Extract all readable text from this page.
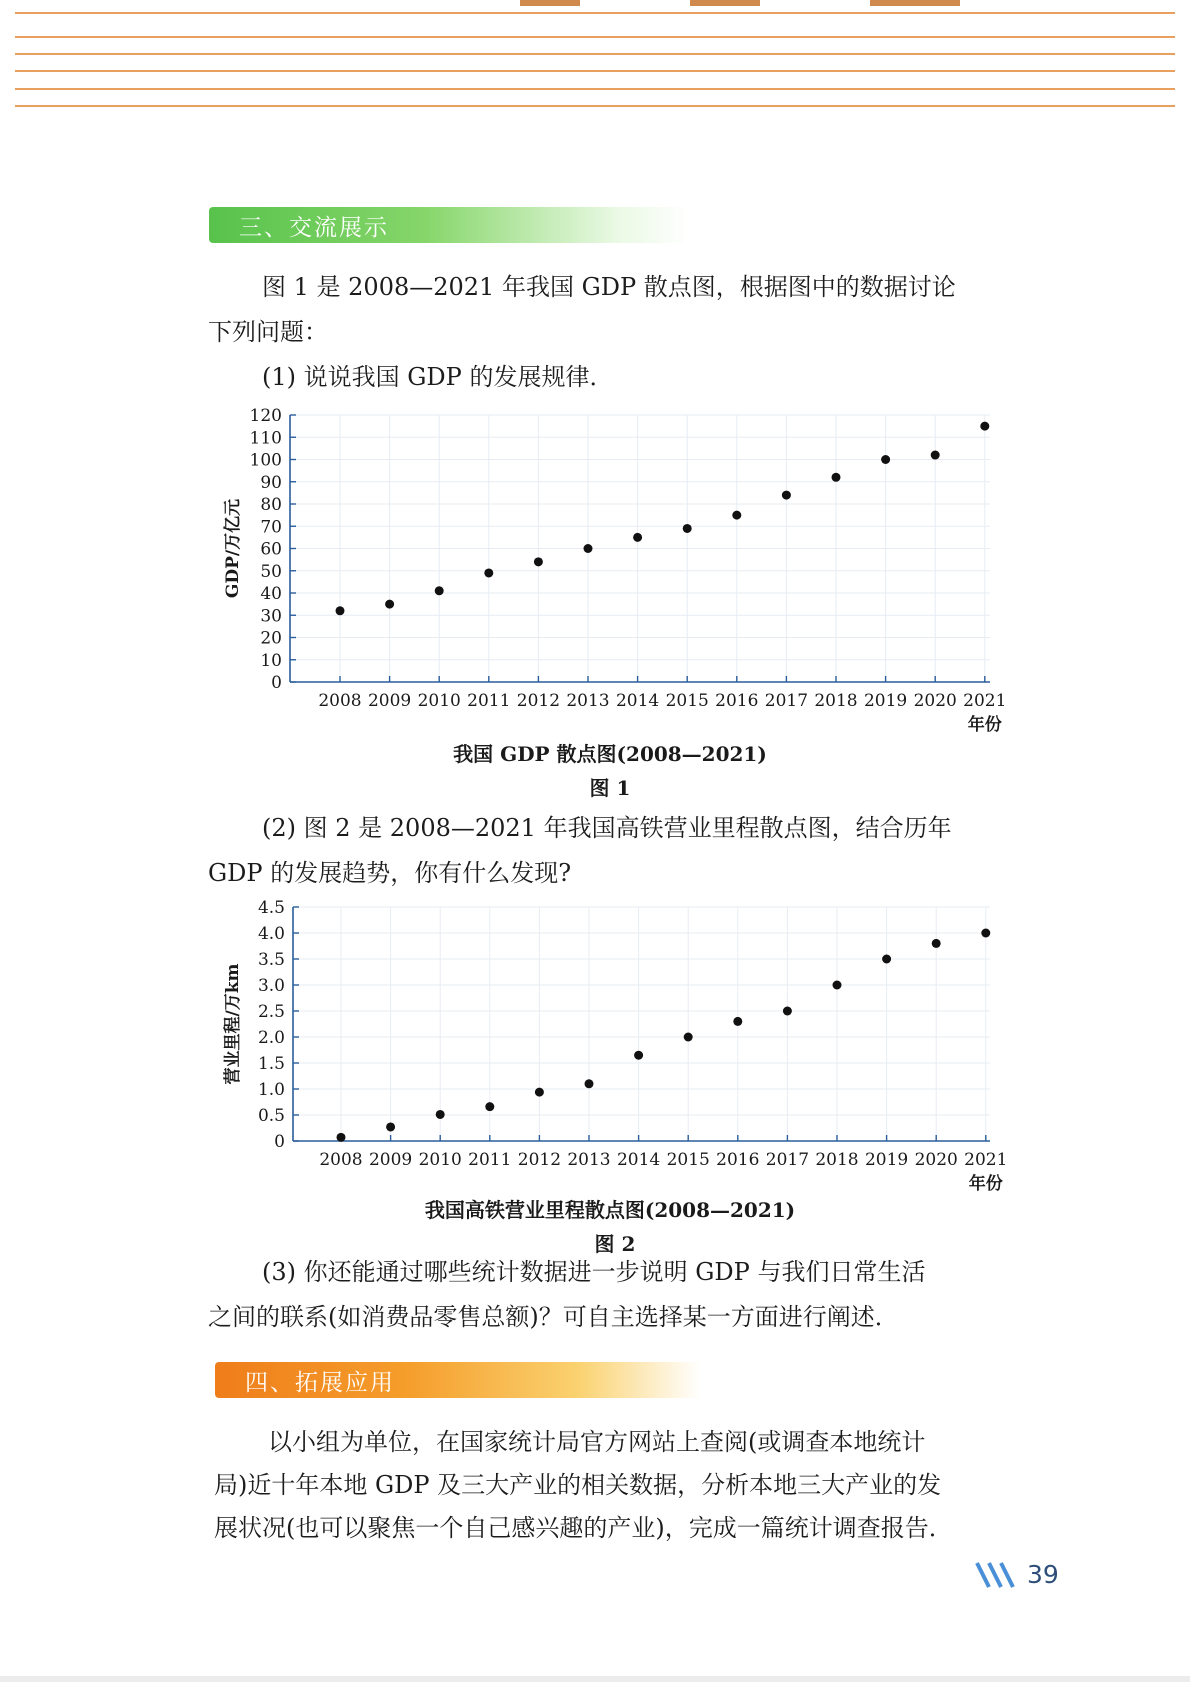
三、交流展示
图 1 是 2008—2021 年我国 GDP 散点图，根据图中的数据讨论
下列问题：
(1) 说说我国 GDP 的发展规律．
0
10
20
30
40
50
60
70
80
90
100
110
120
2008 2009 2010 2011 2012 2013 2014 2015 2016 2017 2018 2019 2020 2021
年份
GDP/万亿元
我国 GDP 散点图(2008—2021)
图 1
(2) 图 2 是 2008—2021 年我国高铁营业里程散点图，结合历年
GDP 的发展趋势，你有什么发现?
0
0.5
1.0
1.5
2.0
2.5
3.0
3.5
4.0
4.5
2008 2009 2010 2011 2012 2013 2014 2015 2016 2017 2018 2019 2020 2021
年份
营业里程/万km
我国高铁营业里程散点图(2008—2021)
图 2
(3) 你还能通过哪些统计数据进一步说明 GDP 与我们日常生活
之间的联系(如消费品零售总额)？可自主选择某一方面进行阐述．
四、拓展应用
以小组为单位，在国家统计局官方网站上查阅(或调查本地统计
局)近十年本地 GDP 及三大产业的相关数据，分析本地三大产业的发
展状况(也可以聚焦一个自己感兴趣的产业)，完成一篇统计调查报告．
39
